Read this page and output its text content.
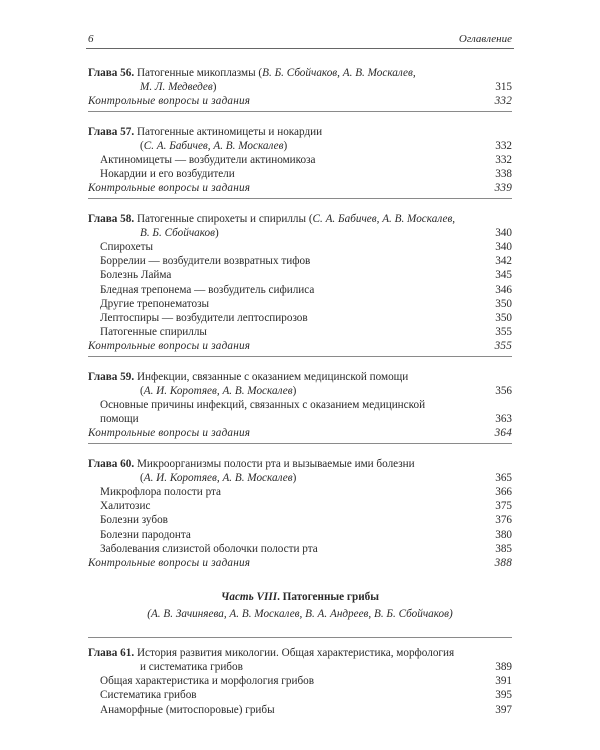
6	Оглавление
Глава 56. Патогенные микоплазмы (В. Б. Сбойчаков, А. В. Москалев,
М. Л. Медведев)	315
Контрольные вопросы и задания	332
Глава 57. Патогенные актиномицеты и нокардии
(С. А. Бабичев, А. В. Москалев)	332
Актиномицеты — возбудители актиномикоза	332
Нокардии и его возбудители	338
Контрольные вопросы и задания	339
Глава 58. Патогенные спирохеты и спириллы (С. А. Бабичев, А. В. Москалев,
В. Б. Сбойчаков)	340
Спирохеты	340
Боррелии — возбудители возвратных тифов	342
Болезнь Лайма	345
Бледная трепонема — возбудитель сифилиса	346
Другие трепонематозы	350
Лептоспиры — возбудители лептоспирозов	350
Патогенные спириллы	355
Контрольные вопросы и задания	355
Глава 59. Инфекции, связанные с оказанием медицинской помощи
(А. И. Коротяев, А. В. Москалев)	356
Основные причины инфекций, связанных с оказанием медицинской
помощи	363
Контрольные вопросы и задания	364
Глава 60. Микроорганизмы полости рта и вызываемые ими болезни
(А. И. Коротяев, А. В. Москалев)	365
Микрофлора полости рта	366
Халитозис	375
Болезни зубов	376
Болезни пародонта	380
Заболевания слизистой оболочки полости рта	385
Контрольные вопросы и задания	388
Часть VIII. Патогенные грибы
(А. В. Зачиняева, А. В. Москалев, В. А. Андреев, В. Б. Сбойчаков)
Глава 61. История развития микологии. Общая характеристика, морфология
и систематика грибов	389
Общая характеристика и морфология грибов	391
Систематика грибов	395
Анаморфные (митоспоровые) грибы	397
